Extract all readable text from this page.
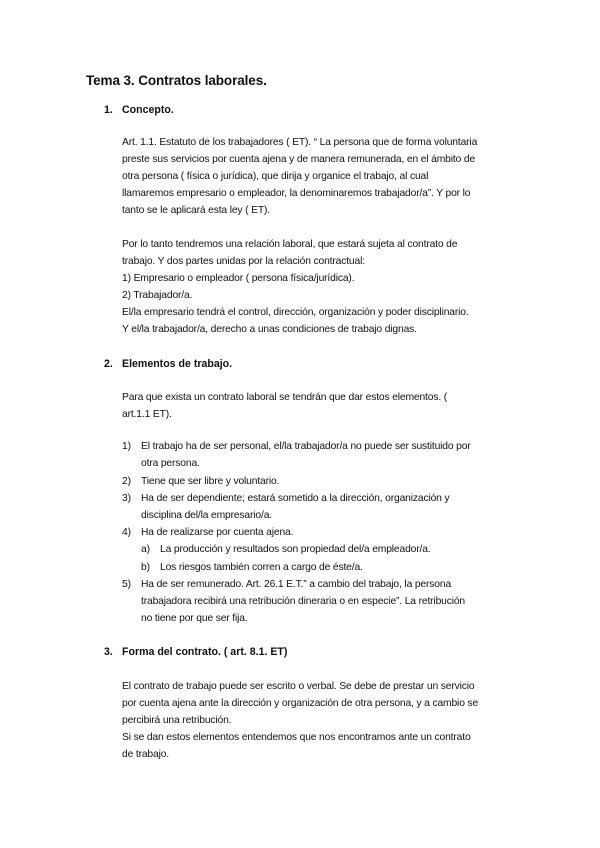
Tema 3. Contratos laborales.
1. Concepto.
Art. 1.1. Estatuto de los trabajadores ( ET). “ La persona que de forma voluntaria
preste sus servicios por cuenta ajena y de manera remunerada, en el ámbito de
otra persona ( física o jurídica), que dirija y organice el trabajo, al cual
llamaremos empresario o empleador, la denominaremos trabajador/a”. Y por lo
tanto se le aplicará esta ley ( ET).
Por lo tanto tendremos una relación laboral, que estará sujeta al contrato de
trabajo. Y dos partes unidas por la relación contractual:
1) Empresario o empleador ( persona física/jurídica).
2) Trabajador/a.
El/la empresario tendrá el control, dirección, organización y poder disciplinario.
Y el/la trabajador/a, derecho a unas condiciones de trabajo dignas.
2. Elementos de trabajo.
Para que exista un contrato laboral se tendrán que dar estos elementos. (
art.1.1 ET).
1) El trabajo ha de ser personal, el/la trabajador/a no puede ser sustituido por
otra persona.
2) Tiene que ser libre y voluntario.
3) Ha de ser dependiente; estará sometido a la dirección, organización y
disciplina del/la empresario/a.
4) Ha de realizarse por cuenta ajena.
a) La producción y resultados son propiedad del/a empleador/a.
b) Los riesgos también corren a cargo de éste/a.
5) Ha de ser remunerado. Art. 26.1 E.T.” a cambio del trabajo, la persona
trabajadora recibirá una retribución dineraria o en especie”. La retribución
no tiene por que ser fija.
3. Forma del contrato. ( art. 8.1. ET)
El contrato de trabajo puede ser escrito o verbal. Se debe de prestar un servicio
por cuenta ajena ante la dirección y organización de otra persona, y a cambio se
percibirá una retribución.
Si se dan estos elementos entendemos que nos encontramos ante un contrato
de trabajo.
